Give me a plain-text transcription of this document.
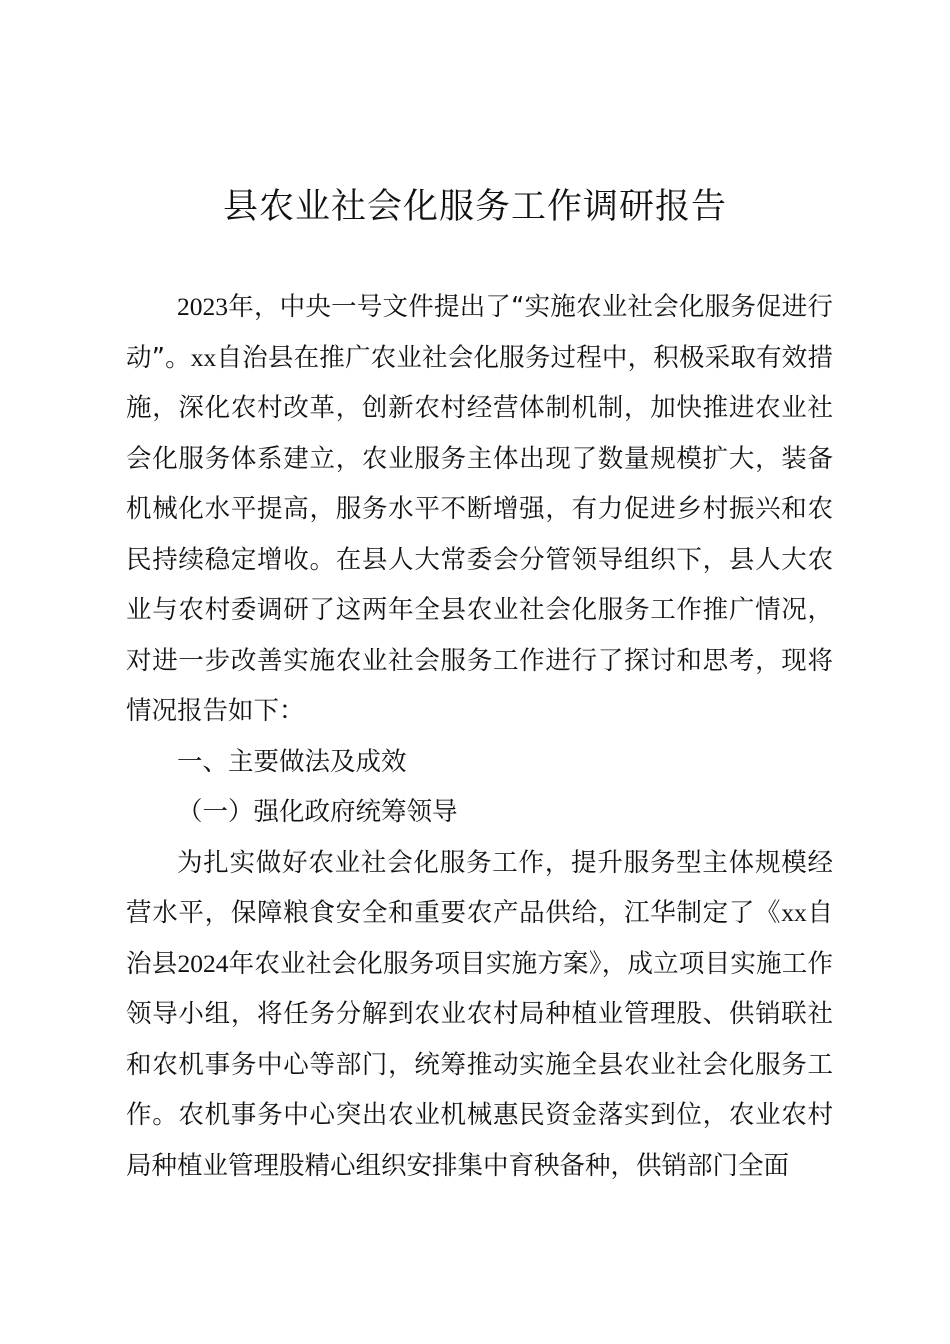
县农业社会化服务工作调研报告

2023年，中央一号文件提出了“实施农业社会化服务促进行动”。xx自治县在推广农业社会化服务过程中，积极采取有效措施，深化农村改革，创新农村经营体制机制，加快推进农业社会化服务体系建立，农业服务主体出现了数量规模扩大，装备机械化水平提高，服务水平不断增强，有力促进乡村振兴和农民持续稳定增收。在县人大常委会分管领导组织下，县人大农业与农村委调研了这两年全县农业社会化服务工作推广情况，对进一步改善实施农业社会服务工作进行了探讨和思考，现将情况报告如下：

一、主要做法及成效

（一）强化政府统筹领导

为扎实做好农业社会化服务工作，提升服务型主体规模经营水平，保障粮食安全和重要农产品供给，江华制定了《xx自治县2024年农业社会化服务项目实施方案》，成立项目实施工作领导小组，将任务分解到农业农村局种植业管理股、供销联社和农机事务中心等部门，统筹推动实施全县农业社会化服务工作。农机事务中心突出农业机械惠民资金落实到位，农业农村局种植业管理股精心组织安排集中育秧备种，供销部门全面
